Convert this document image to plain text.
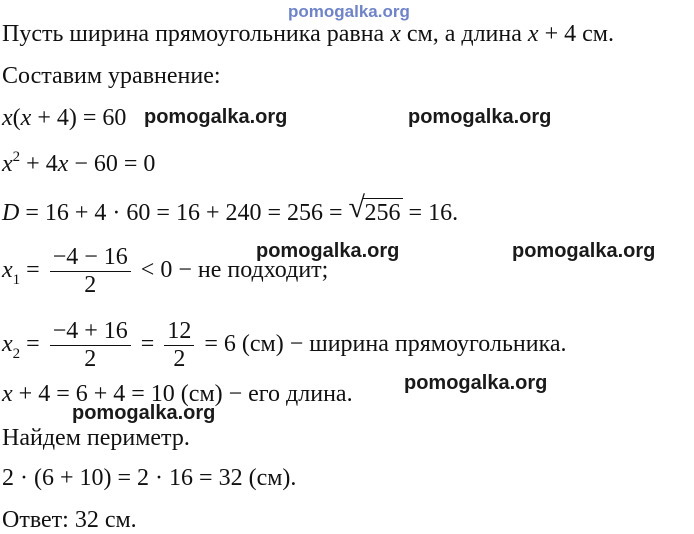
pomogalka.org
Пусть ширина прямоугольника равна x см, а длина x + 4 см.
Составим уравнение:
x(x + 4) = 60
$x^2 + 4x - 60 = 0$
D = 16 + 4 · 60 = 16 + 240 = 256 = √ 256 = 16.
$x_1 = \frac{-4 - 16}{2} < 0$ − не подходит;
$x_2 = \frac{-4 + 16}{2} = \frac{12}{2} = 6$ (см) − ширина прямоугольника.
x + 4 = 6 + 4 = 10 (см) − его длина.
Найдем периметр.
2 · (6 + 10) = 2 · 16 = 32 (см).
Ответ: 32 см.
pomogalka.org	pomogalka.org
pomogalka.org	pomogalka.org
pomogalka.org
pomogalka.org
